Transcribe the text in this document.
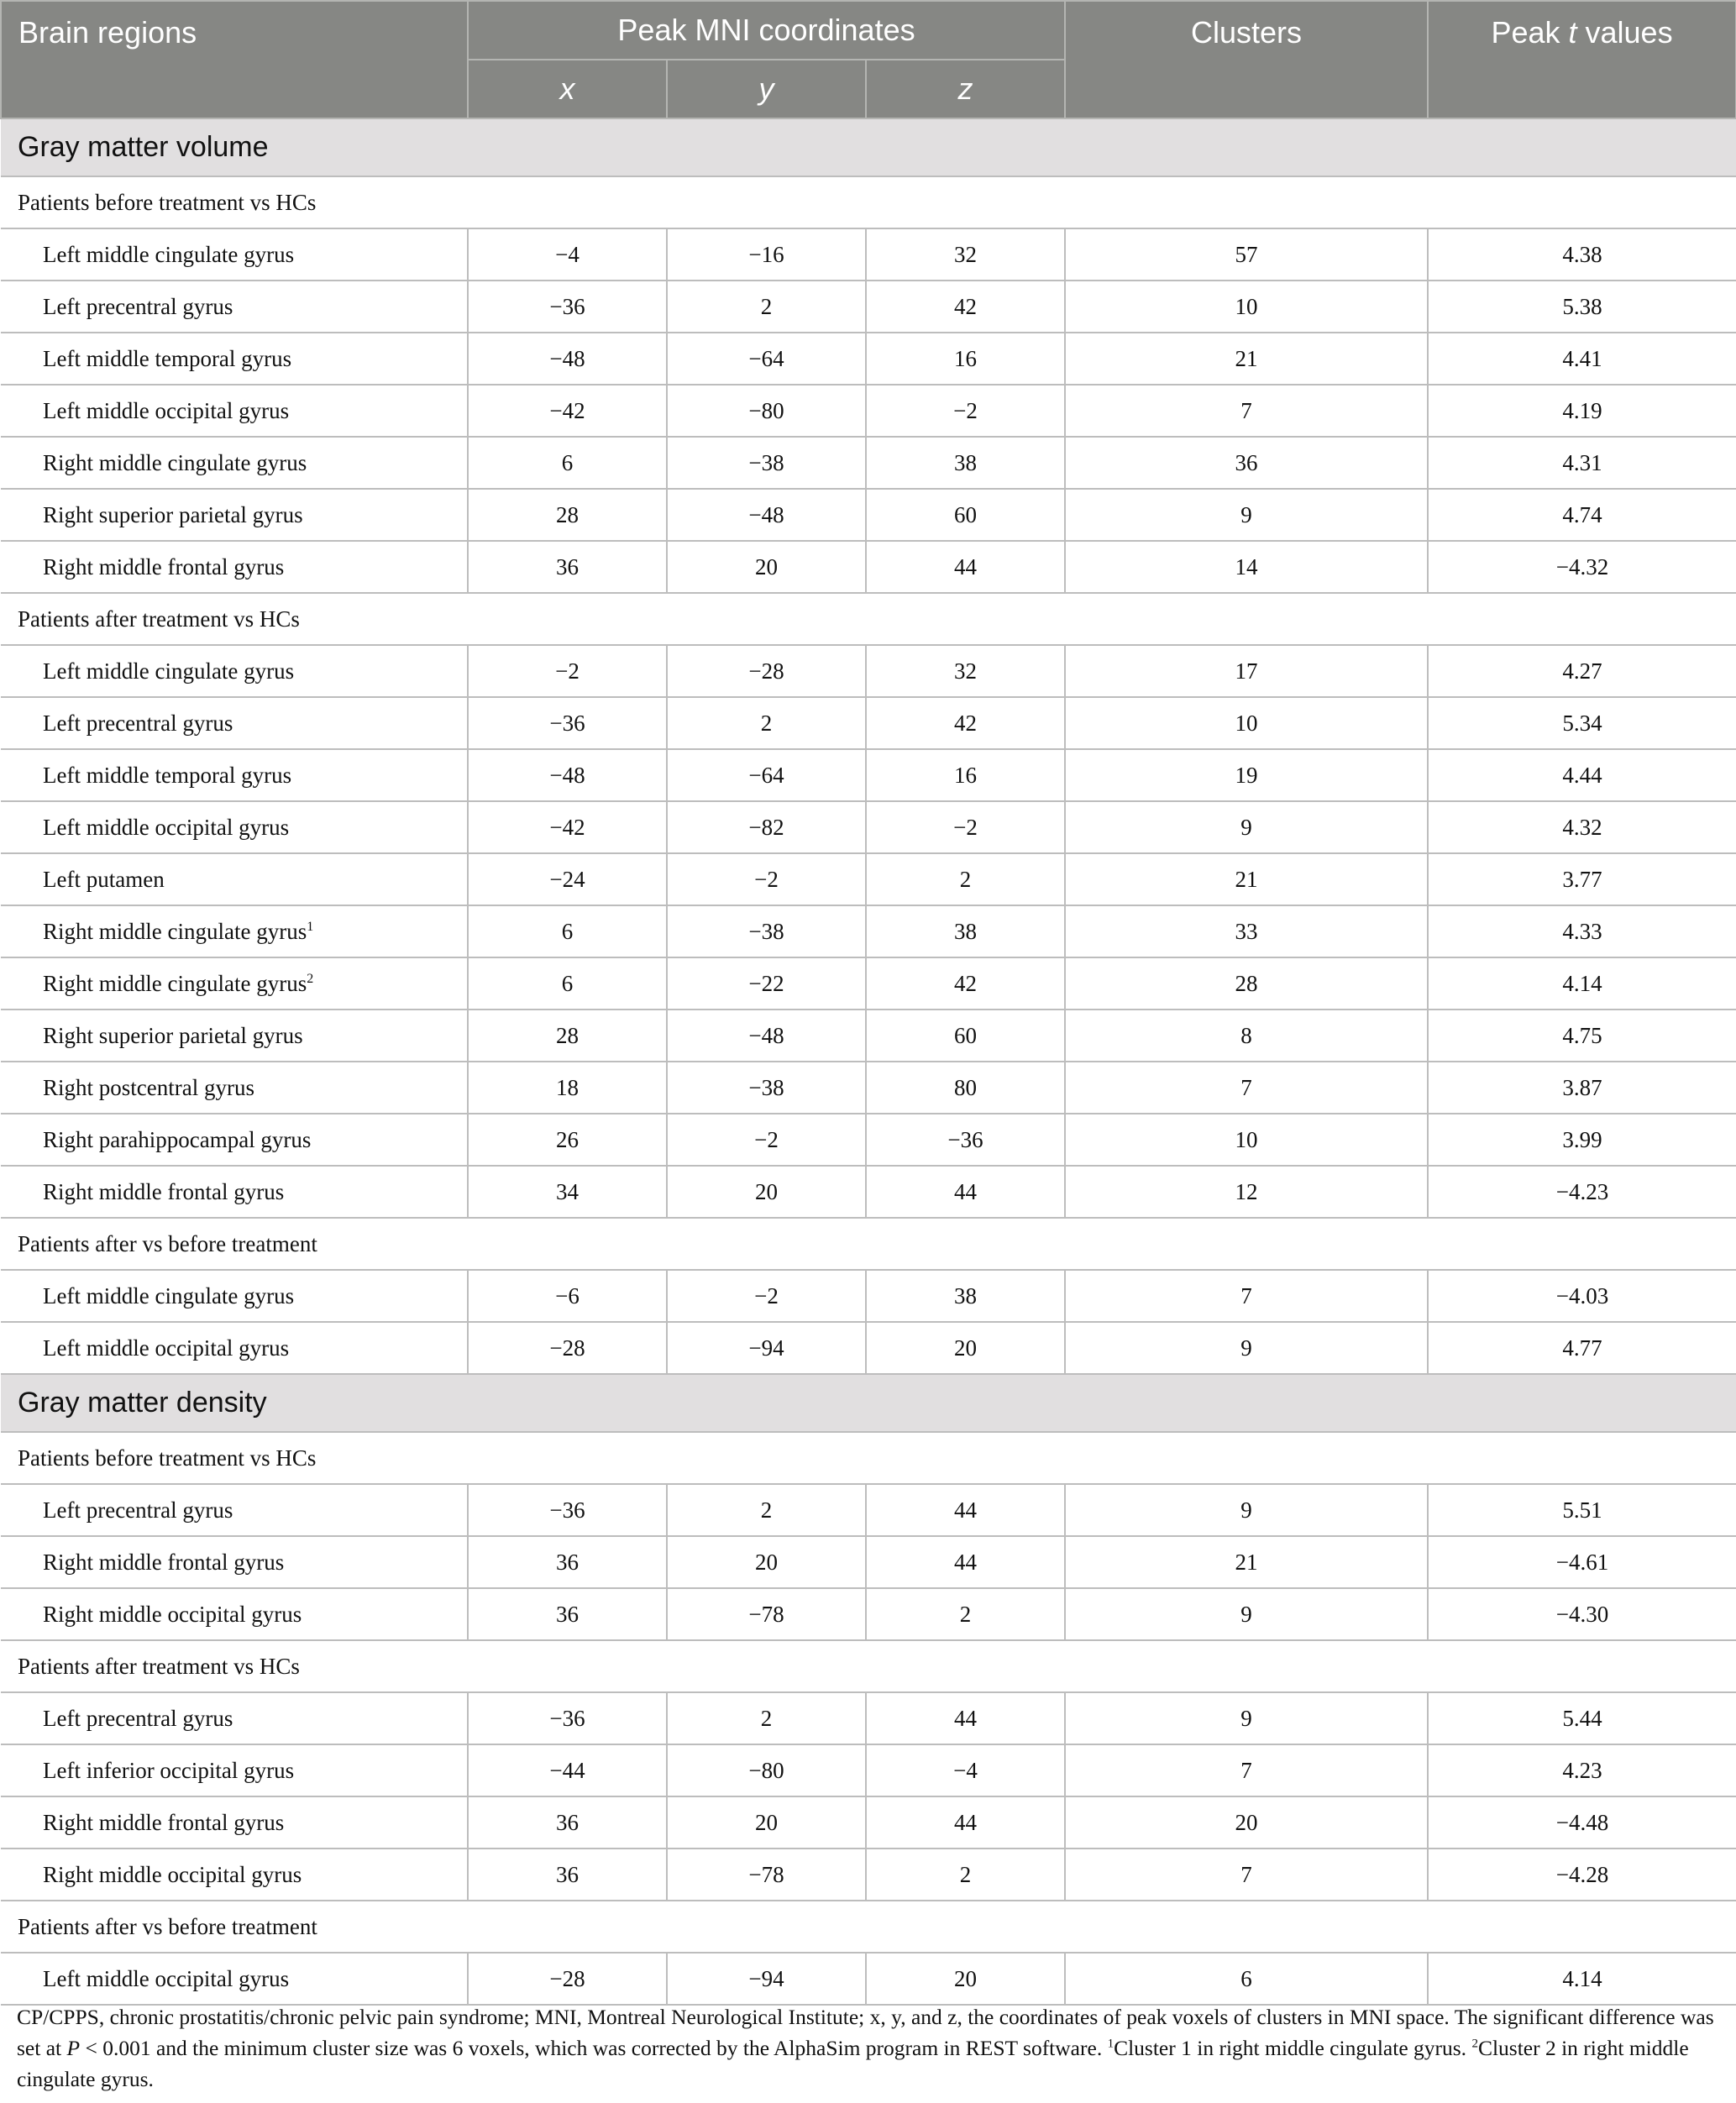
Brain regions	Peak MNI coordinates			Clusters	Peak t values
	x	y	z		
Gray matter volume					
Patients before treatment vs HCs					
Left middle cingulate gyrus	−4	−16	32	57	4.38
Left precentral gyrus	−36	2	42	10	5.38
Left middle temporal gyrus	−48	−64	16	21	4.41
Left middle occipital gyrus	−42	−80	−2	7	4.19
Right middle cingulate gyrus	6	−38	38	36	4.31
Right superior parietal gyrus	28	−48	60	9	4.74
Right middle frontal gyrus	36	20	44	14	−4.32
Patients after treatment vs HCs					
Left middle cingulate gyrus	−2	−28	32	17	4.27
Left precentral gyrus	−36	2	42	10	5.34
Left middle temporal gyrus	−48	−64	16	19	4.44
Left middle occipital gyrus	−42	−82	−2	9	4.32
Left putamen	−24	−2	2	21	3.77
Right middle cingulate gyrus$^1$	6	−38	38	33	4.33
Right middle cingulate gyrus$^2$	6	−22	42	28	4.14
Right superior parietal gyrus	28	−48	60	8	4.75
Right postcentral gyrus	18	−38	80	7	3.87
Right parahippocampal gyrus	26	−2	−36	10	3.99
Right middle frontal gyrus	34	20	44	12	−4.23
Patients after vs before treatment					
Left middle cingulate gyrus	−6	−2	38	7	−4.03
Left middle occipital gyrus	−28	−94	20	9	4.77
Gray matter density					
Patients before treatment vs HCs					
Left precentral gyrus	−36	2	44	9	5.51
Right middle frontal gyrus	36	20	44	21	−4.61
Right middle occipital gyrus	36	−78	2	9	−4.30
Patients after treatment vs HCs					
Left precentral gyrus	−36	2	44	9	5.44
Left inferior occipital gyrus	−44	−80	−4	7	4.23
Right middle frontal gyrus	36	20	44	20	−4.48
Right middle occipital gyrus	36	−78	2	7	−4.28
Patients after vs before treatment					
Left middle occipital gyrus	−28	−94	20	6	4.14
CP/CPPS, chronic prostatitis/chronic pelvic pain syndrome; MNI, Montreal Neurological Institute; x, y, and z, the coordinates of peak voxels of clusters in MNI space. The significant difference was set at P < 0.001 and the minimum cluster size was 6 voxels, which was corrected by the AlphaSim program in REST software. $^1$Cluster 1 in right middle cingulate gyrus. $^2$Cluster 2 in right middle cingulate gyrus.
